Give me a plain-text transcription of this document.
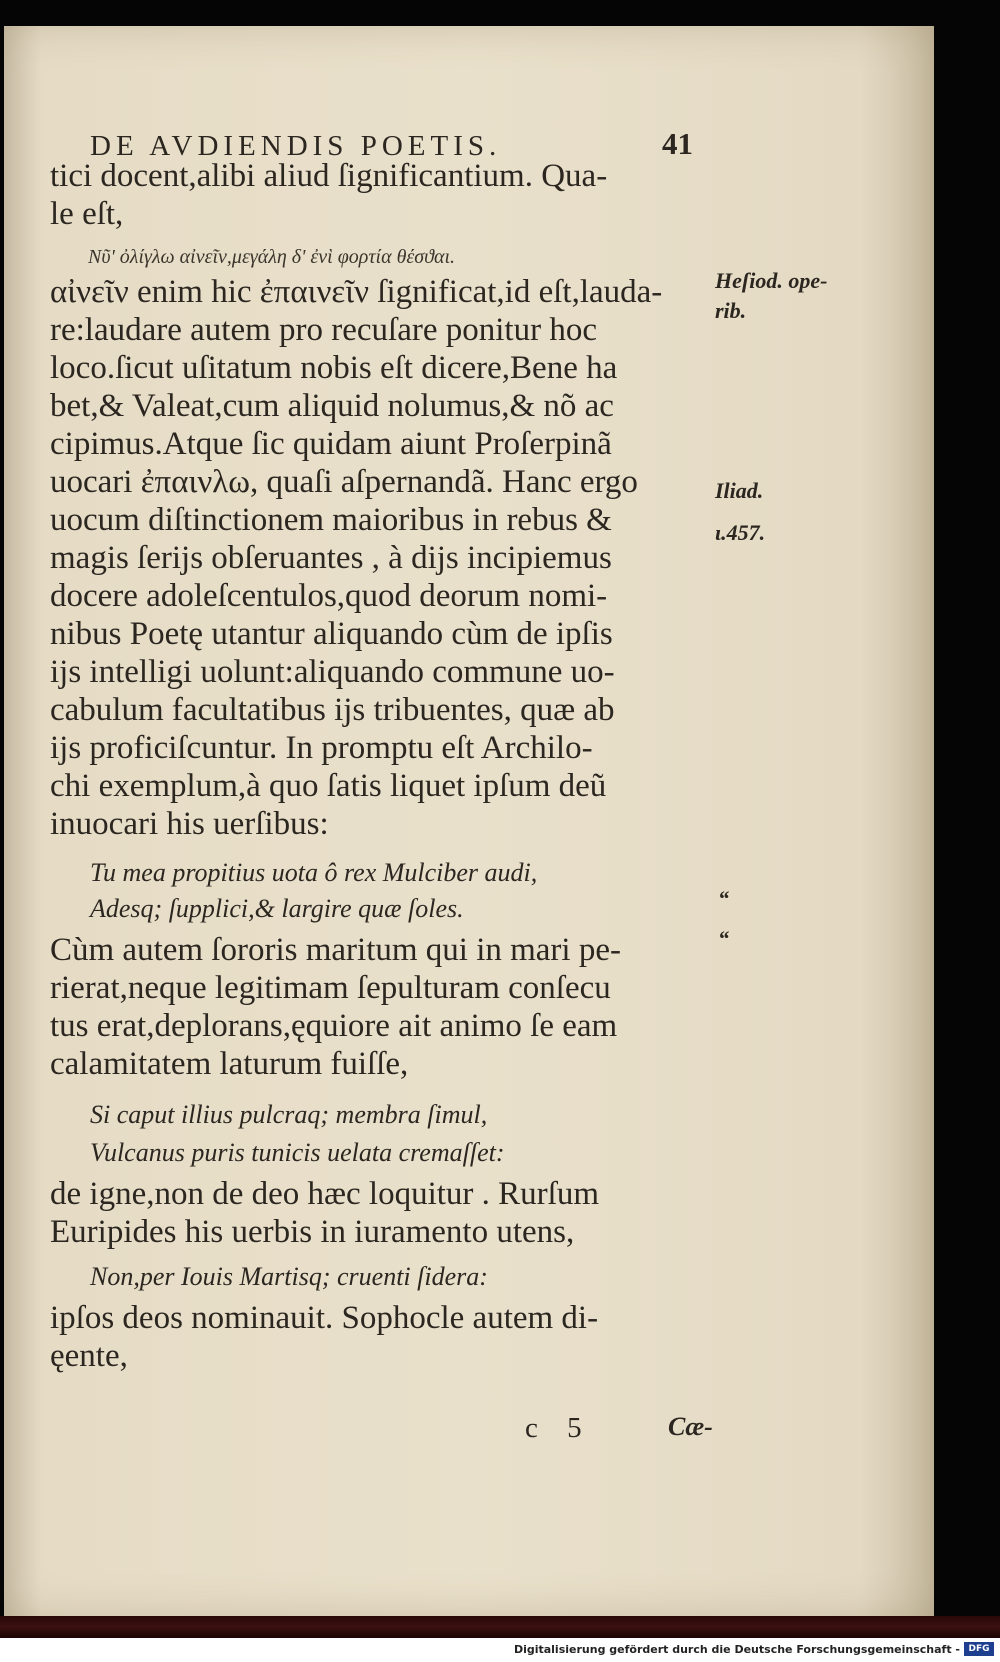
DE AVDIENDIS POETIS.	41
tici docent,alibi aliud ſignificantium. Qua-
le eſt,
Νῦ' ὀλίγλω αἰνεῖν,μεγάλη δ' ἐνὶ φορτία θέσϑαι.
αἰνεῖν enim hic ἐπαινεῖν ſignificat,id eſt,lauda-
re:laudare autem pro recuſare ponitur hoc
loco.ſicut uſitatum nobis eſt dicere,Bene ha
bet,& Valeat,cum aliquid nolumus,& nõ ac
cipimus.Atque ſic quidam aiunt Proſerpinã
uocari ἐπαινλω, quaſi aſpernandã. Hanc ergo
uocum diſtinctionem maioribus in rebus &
magis ſerijs obſeruantes , à dijs incipiemus
docere adoleſcentulos,quod deorum nomi-
nibus Poetę utantur aliquando cùm de ipſis
ijs intelligi uolunt:aliquando commune uo-
cabulum facultatibus ijs tribuentes, quæ ab
ijs proficiſcuntur. In promptu eſt Archilo-
chi exemplum,à quo ſatis liquet ipſum deũ
inuocari his uerſibus:
Tu mea propitius uota ô rex Mulciber audi,
Adesq; ſupplici,& largire quæ ſoles.
Cùm autem ſororis maritum qui in mari pe-
rierat,neque legitimam ſepulturam conſecu
tus erat,deplorans,ęquiore ait animo ſe eam
calamitatem laturum fuiſſe,
Si caput illius pulcraq; membra ſimul,
Vulcanus puris tunicis uelata cremaſſet:
de igne,non de deo hæc loquitur . Rurſum
Euripides his uerbis in iuramento utens,
Non,per Iouis Martisq; cruenti ſidera:
ipſos deos nominauit. Sophocle autem di-
ęente,
Heſiod. ope-
rib.
Iliad.
ι.457.
“
“
c 5	Cæ-
Digitalisierung gefördert durch die Deutsche Forschungsgemeinschaft - DFG
